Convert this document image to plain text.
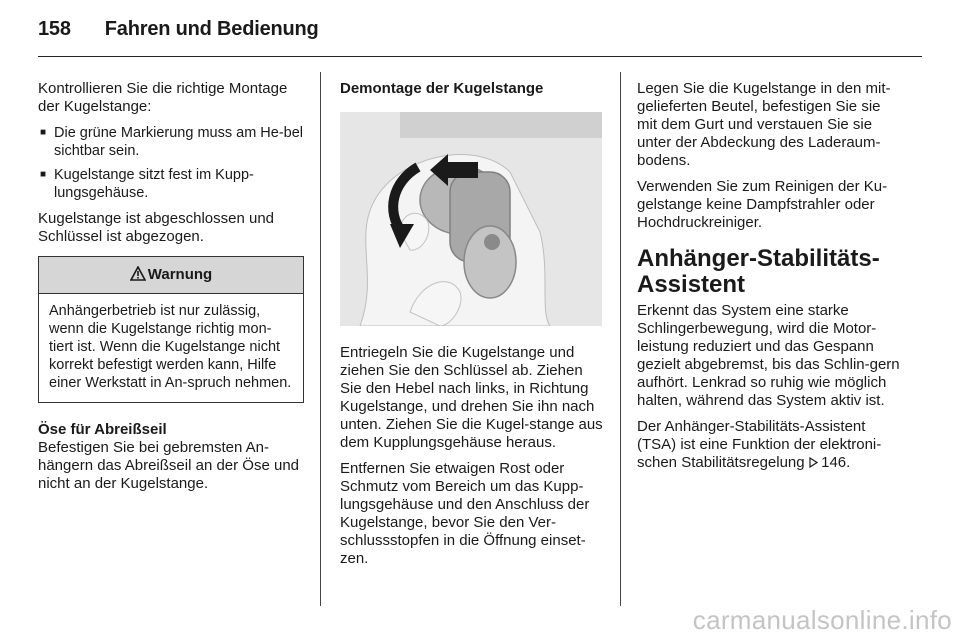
158 Fahren und Bedienung

Kontrollieren Sie die richtige Montage der Kugelstange:

■ Die grüne Markierung muss am He-bel sichtbar sein.
■ Kugelstange sitzt fest im Kupp-lungsgehäuse.

Kugelstange ist abgeschlossen und Schlüssel ist abgezogen.

Warnung
Anhängerbetrieb ist nur zulässig, wenn die Kugelstange richtig mon-tiert ist. Wenn die Kugelstange nicht korrekt befestigt werden kann, Hilfe einer Werkstatt in An-spruch nehmen.
Öse für Abreißseil

Befestigen Sie bei gebremsten An-hängern das Abreißseil an der Öse und nicht an der Kugelstange.

Demontage der Kugelstange

Entriegeln Sie die Kugelstange und ziehen Sie den Schlüssel ab. Ziehen Sie den Hebel nach links, in Richtung Kugelstange, und drehen Sie ihn nach unten. Ziehen Sie die Kugel-stange aus dem Kupplungsgehäuse heraus.

Entfernen Sie etwaigen Rost oder Schmutz vom Bereich um das Kupp-lungsgehäuse und den Anschluss der Kugelstange, bevor Sie den Ver-schlussstopfen in die Öffnung einset-zen.

Legen Sie die Kugelstange in den mit-gelieferten Beutel, befestigen Sie sie mit dem Gurt und verstauen Sie sie unter der Abdeckung des Laderaum-bodens.

Verwenden Sie zum Reinigen der Ku-gelstange keine Dampfstrahler oder Hochdruckreiniger.

Anhänger-Stabilitäts-Assistent

Erkennt das System eine starke Schlingerbewegung, wird die Motor-leistung reduziert und das Gespann gezielt abgebremst, bis das Schlin-gern aufhört. Lenkrad so ruhig wie möglich halten, während das System aktiv ist.

Der Anhänger-Stabilitäts-Assistent (TSA) ist eine Funktion der elektroni-schen Stabilitätsregelung 146.

carmanualsonline.info
